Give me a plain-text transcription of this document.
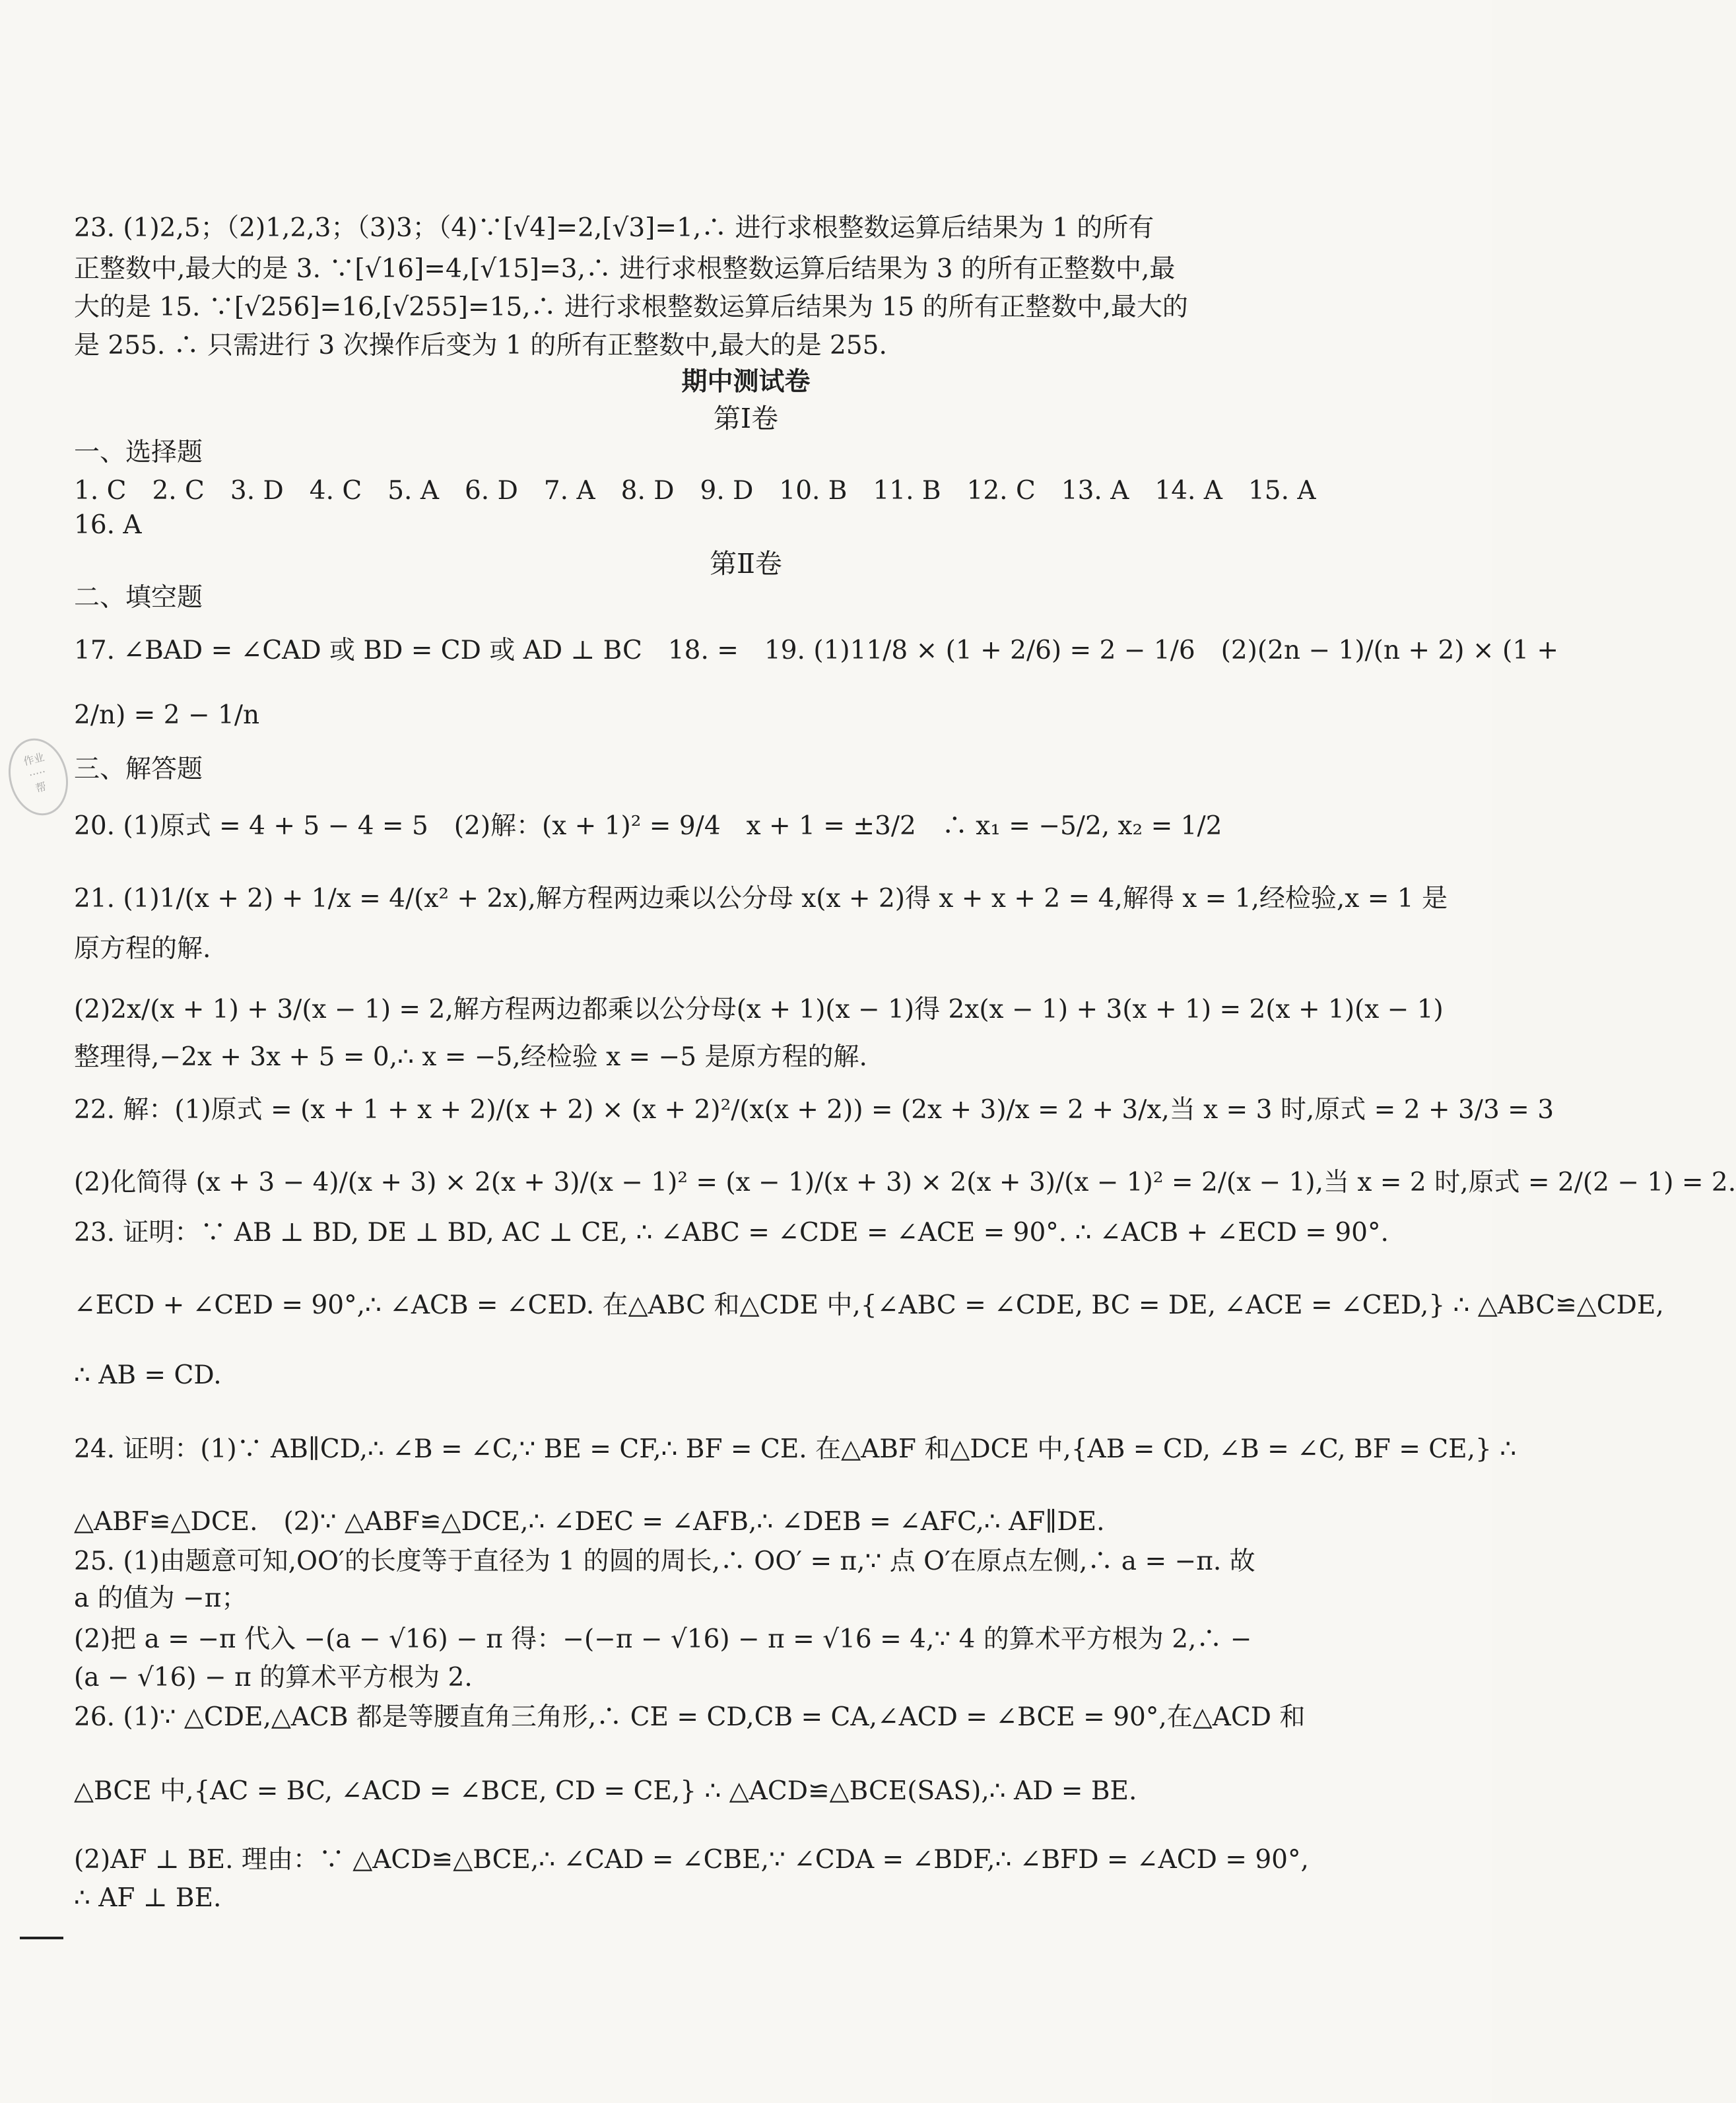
23. (1)2,5；（2)1,2,3；（3)3；（4)∵[√4]=2,[√3]=1,∴ 进行求根整数运算后结果为 1 的所有
正整数中,最大的是 3. ∵[√16]=4,[√15]=3,∴ 进行求根整数运算后结果为 3 的所有正整数中,最
大的是 15. ∵[√256]=16,[√255]=15,∴ 进行求根整数运算后结果为 15 的所有正整数中,最大的
是 255. ∴ 只需进行 3 次操作后变为 1 的所有正整数中,最大的是 255.
期中测试卷
第Ⅰ卷
一、选择题
1. C　2. C　3. D　4. C　5. A　6. D　7. A　8. D　9. D　10. B　11. B　12. C　13. A　14. A　15. A
16. A
第Ⅱ卷
二、填空题
17. ∠BAD = ∠CAD 或 BD = CD 或 AD ⊥ BC　18. =　19. (1)11/8 × (1 + 2/6) = 2 − 1/6　(2)(2n − 1)/(n + 2) × (1 +
2/n) = 2 − 1/n
三、解答题
20. (1)原式 = 4 + 5 − 4 = 5　(2)解：(x + 1)² = 9/4　x + 1 = ±3/2　∴ x₁ = −5/2, x₂ = 1/2
21. (1)1/(x + 2) + 1/x = 4/(x² + 2x),解方程两边乘以公分母 x(x + 2)得 x + x + 2 = 4,解得 x = 1,经检验,x = 1 是
原方程的解.
(2)2x/(x + 1) + 3/(x − 1) = 2,解方程两边都乘以公分母(x + 1)(x − 1)得 2x(x − 1) + 3(x + 1) = 2(x + 1)(x − 1)
整理得,−2x + 3x + 5 = 0,∴ x = −5,经检验 x = −5 是原方程的解.
22. 解：(1)原式 = (x + 1 + x + 2)/(x + 2) × (x + 2)²/(x(x + 2)) = (2x + 3)/x = 2 + 3/x,当 x = 3 时,原式 = 2 + 3/3 = 3
(2)化简得 (x + 3 − 4)/(x + 3) × 2(x + 3)/(x − 1)² = (x − 1)/(x + 3) × 2(x + 3)/(x − 1)² = 2/(x − 1),当 x = 2 时,原式 = 2/(2 − 1) = 2.
23. 证明：∵ AB ⊥ BD, DE ⊥ BD, AC ⊥ CE, ∴ ∠ABC = ∠CDE = ∠ACE = 90°. ∴ ∠ACB + ∠ECD = 90°.
∠ECD + ∠CED = 90°,∴ ∠ACB = ∠CED. 在△ABC 和△CDE 中,{∠ABC = ∠CDE, BC = DE, ∠ACE = ∠CED,} ∴ △ABC≌△CDE,
∴ AB = CD.
24. 证明：(1)∵ AB∥CD,∴ ∠B = ∠C,∵ BE = CF,∴ BF = CE. 在△ABF 和△DCE 中,{AB = CD, ∠B = ∠C, BF = CE,} ∴
△ABF≌△DCE.　(2)∵ △ABF≌△DCE,∴ ∠DEC = ∠AFB,∴ ∠DEB = ∠AFC,∴ AF∥DE.
25. (1)由题意可知,OO′的长度等于直径为 1 的圆的周长,∴ OO′ = π,∵ 点 O′在原点左侧,∴ a = −π. 故
a 的值为 −π；
(2)把 a = −π 代入 −(a − √16) − π 得：−(−π − √16) − π = √16 = 4,∵ 4 的算术平方根为 2,∴ −
(a − √16) − π 的算术平方根为 2.
26. (1)∵ △CDE,△ACB 都是等腰直角三角形,∴ CE = CD,CB = CA,∠ACD = ∠BCE = 90°,在△ACD 和
△BCE 中,{AC = BC, ∠ACD = ∠BCE, CD = CE,} ∴ △ACD≌△BCE(SAS),∴ AD = BE.
(2)AF ⊥ BE. 理由：∵ △ACD≌△BCE,∴ ∠CAD = ∠CBE,∵ ∠CDA = ∠BDF,∴ ∠BFD = ∠ACD = 90°,
∴ AF ⊥ BE.
作业
·····
帮
